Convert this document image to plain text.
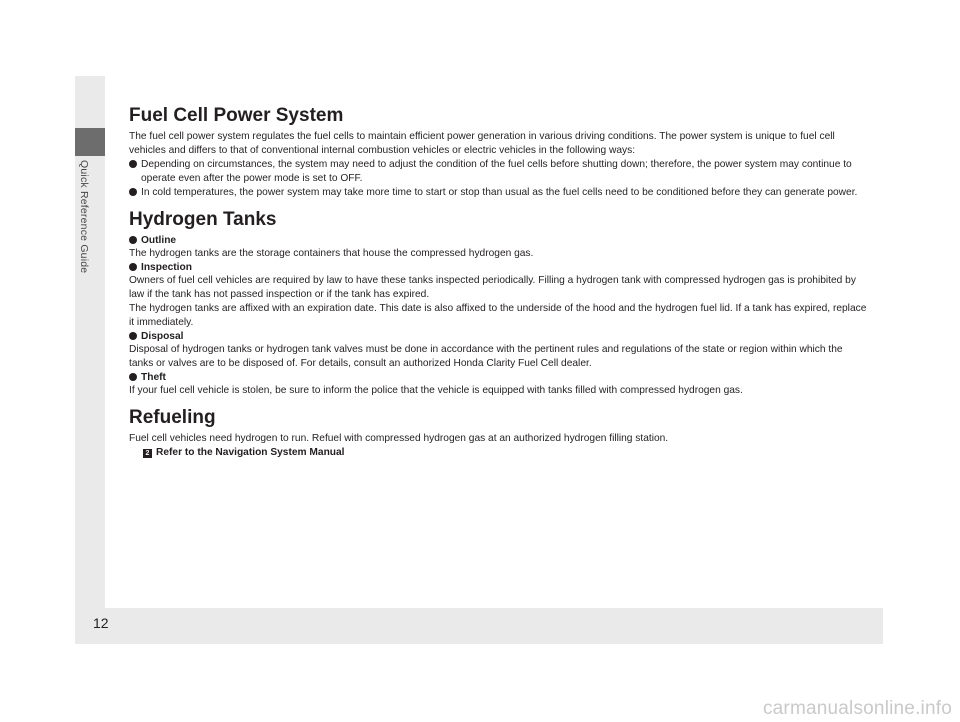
Quick Reference Guide
12
Fuel Cell Power System

The fuel cell power system regulates the fuel cells to maintain efficient power generation in various driving conditions. The power system is unique to fuel cell vehicles and differs to that of conventional internal combustion vehicles or electric vehicles in the following ways:

Depending on circumstances, the system may need to adjust the condition of the fuel cells before shutting down; therefore, the power system may continue to operate even after the power mode is set to OFF.
In cold temperatures, the power system may take more time to start or stop than usual as the fuel cells need to be conditioned before they can generate power.
Hydrogen Tanks
Outline

The hydrogen tanks are the storage containers that house the compressed hydrogen gas.

Inspection

Owners of fuel cell vehicles are required by law to have these tanks inspected periodically. Filling a hydrogen tank with compressed hydrogen gas is prohibited by law if the tank has not passed inspection or if the tank has expired.

The hydrogen tanks are affixed with an expiration date. This date is also affixed to the underside of the hood and the hydrogen fuel lid. If a tank has expired, replace it immediately.

Disposal

Disposal of hydrogen tanks or hydrogen tank valves must be done in accordance with the pertinent rules and regulations of the state or region within which the tanks or valves are to be disposed of. For details, consult an authorized Honda Clarity Fuel Cell dealer.

Theft

If your fuel cell vehicle is stolen, be sure to inform the police that the vehicle is equipped with tanks filled with compressed hydrogen gas.

Refueling

Fuel cell vehicles need hydrogen to run. Refuel with compressed hydrogen gas at an authorized hydrogen filling station.

2 Refer to the Navigation System Manual
carmanualsonline.info
